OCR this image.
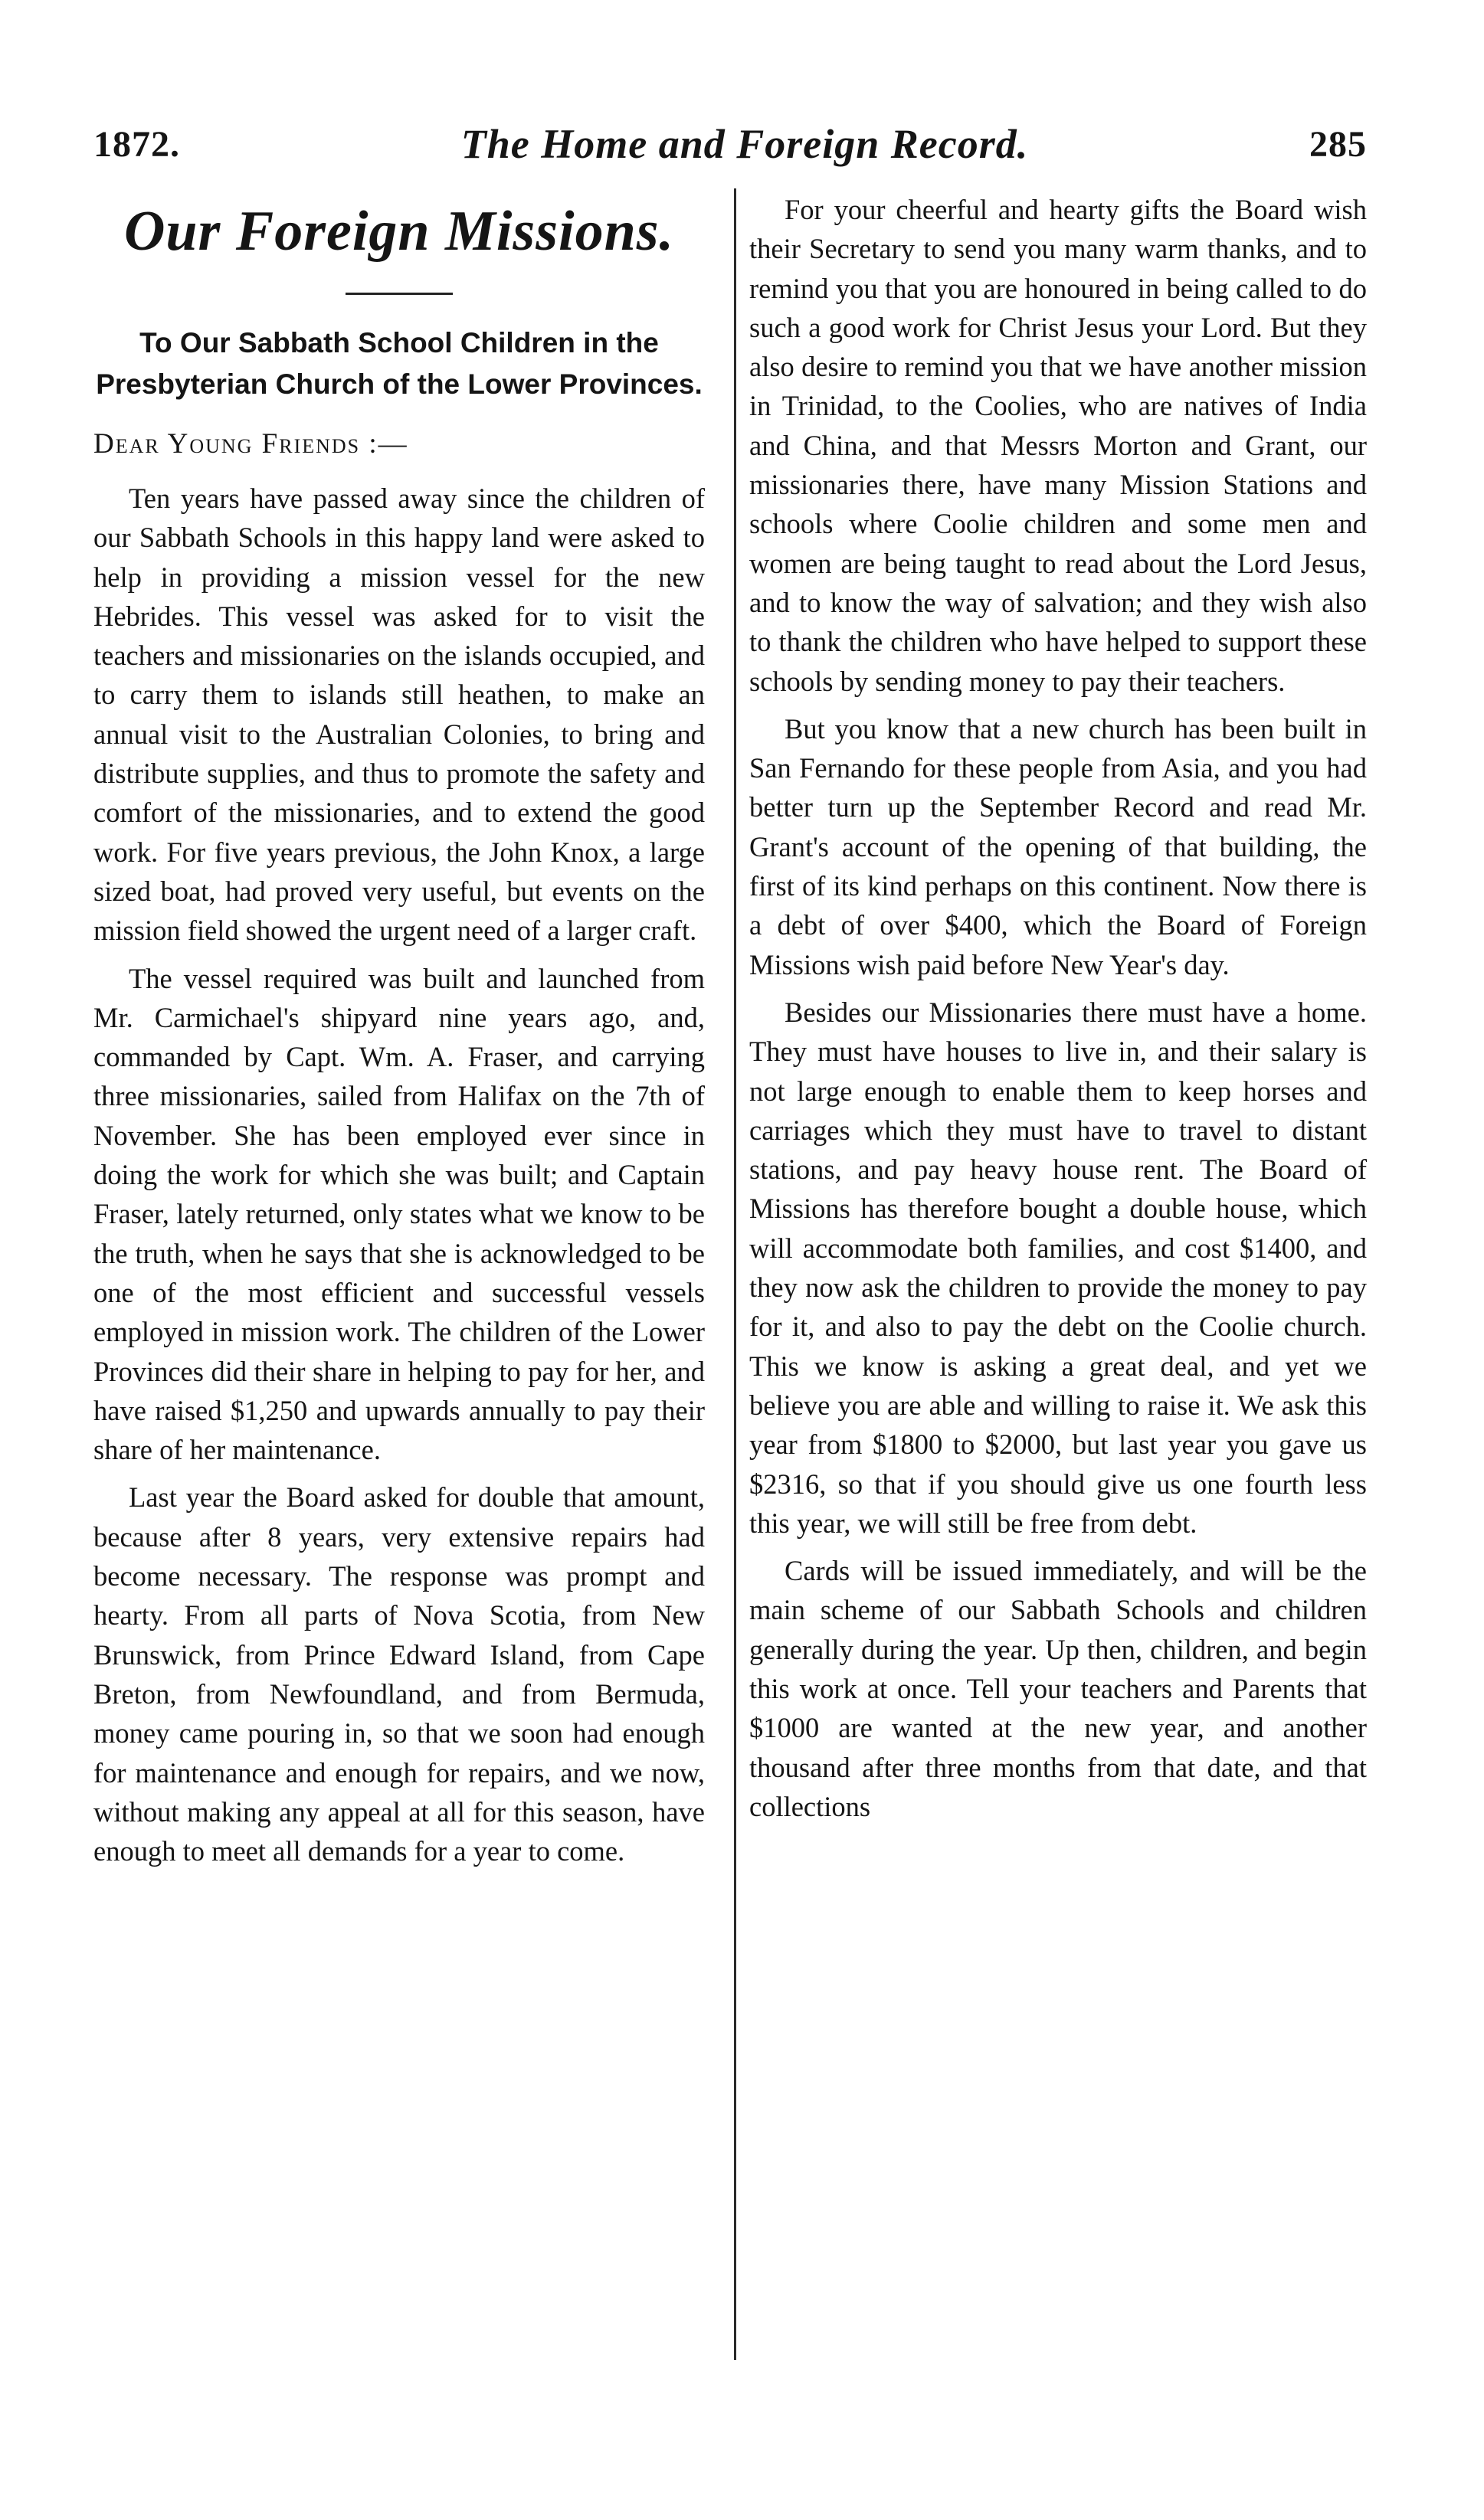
1872.	The Home and Foreign Record.	285
Our Foreign Missions.
To Our Sabbath School Children in the Presbyterian Church of the Lower Provinces.
Dear Young Friends :—

Ten years have passed away since the children of our Sabbath Schools in this happy land were asked to help in providing a mission vessel for the new Hebrides. This vessel was asked for to visit the teachers and missionaries on the islands occupied, and to carry them to islands still heathen, to make an annual visit to the Australian Colonies, to bring and distribute supplies, and thus to promote the safety and comfort of the missionaries, and to extend the good work. For five years previous, the John Knox, a large sized boat, had proved very useful, but events on the mission field showed the urgent need of a larger craft.

The vessel required was built and launched from Mr. Carmichael's shipyard nine years ago, and, commanded by Capt. Wm. A. Fraser, and carrying three missionaries, sailed from Halifax on the 7th of November. She has been employed ever since in doing the work for which she was built; and Captain Fraser, lately returned, only states what we know to be the truth, when he says that she is acknowledged to be one of the most efficient and successful vessels employed in mission work. The children of the Lower Provinces did their share in helping to pay for her, and have raised $1,250 and upwards annually to pay their share of her maintenance.

Last year the Board asked for double that amount, because after 8 years, very extensive repairs had become necessary. The response was prompt and hearty. From all parts of Nova Scotia, from New Brunswick, from Prince Edward Island, from Cape Breton, from Newfoundland, and from Bermuda, money came pouring in, so that we soon had enough for maintenance and enough for repairs, and we now, without making any appeal at all for this season, have enough to meet all demands for a year to come.

For your cheerful and hearty gifts the Board wish their Secretary to send you many warm thanks, and to remind you that you are honoured in being called to do such a good work for Christ Jesus your Lord. But they also desire to remind you that we have another mission in Trinidad, to the Coolies, who are natives of India and China, and that Messrs Morton and Grant, our missionaries there, have many Mission Stations and schools where Coolie children and some men and women are being taught to read about the Lord Jesus, and to know the way of salvation; and they wish also to thank the children who have helped to support these schools by sending money to pay their teachers.

But you know that a new church has been built in San Fernando for these people from Asia, and you had better turn up the September Record and read Mr. Grant's account of the opening of that building, the first of its kind perhaps on this continent. Now there is a debt of over $400, which the Board of Foreign Missions wish paid before New Year's day.

Besides our Missionaries there must have a home. They must have houses to live in, and their salary is not large enough to enable them to keep horses and carriages which they must have to travel to distant stations, and pay heavy house rent. The Board of Missions has therefore bought a double house, which will accommodate both families, and cost $1400, and they now ask the children to provide the money to pay for it, and also to pay the debt on the Coolie church. This we know is asking a great deal, and yet we believe you are able and willing to raise it. We ask this year from $1800 to $2000, but last year you gave us $2316, so that if you should give us one fourth less this year, we will still be free from debt.

Cards will be issued immediately, and will be the main scheme of our Sabbath Schools and children generally during the year. Up then, children, and begin this work at once. Tell your teachers and Parents that $1000 are wanted at the new year, and another thousand after three months from that date, and that collections
